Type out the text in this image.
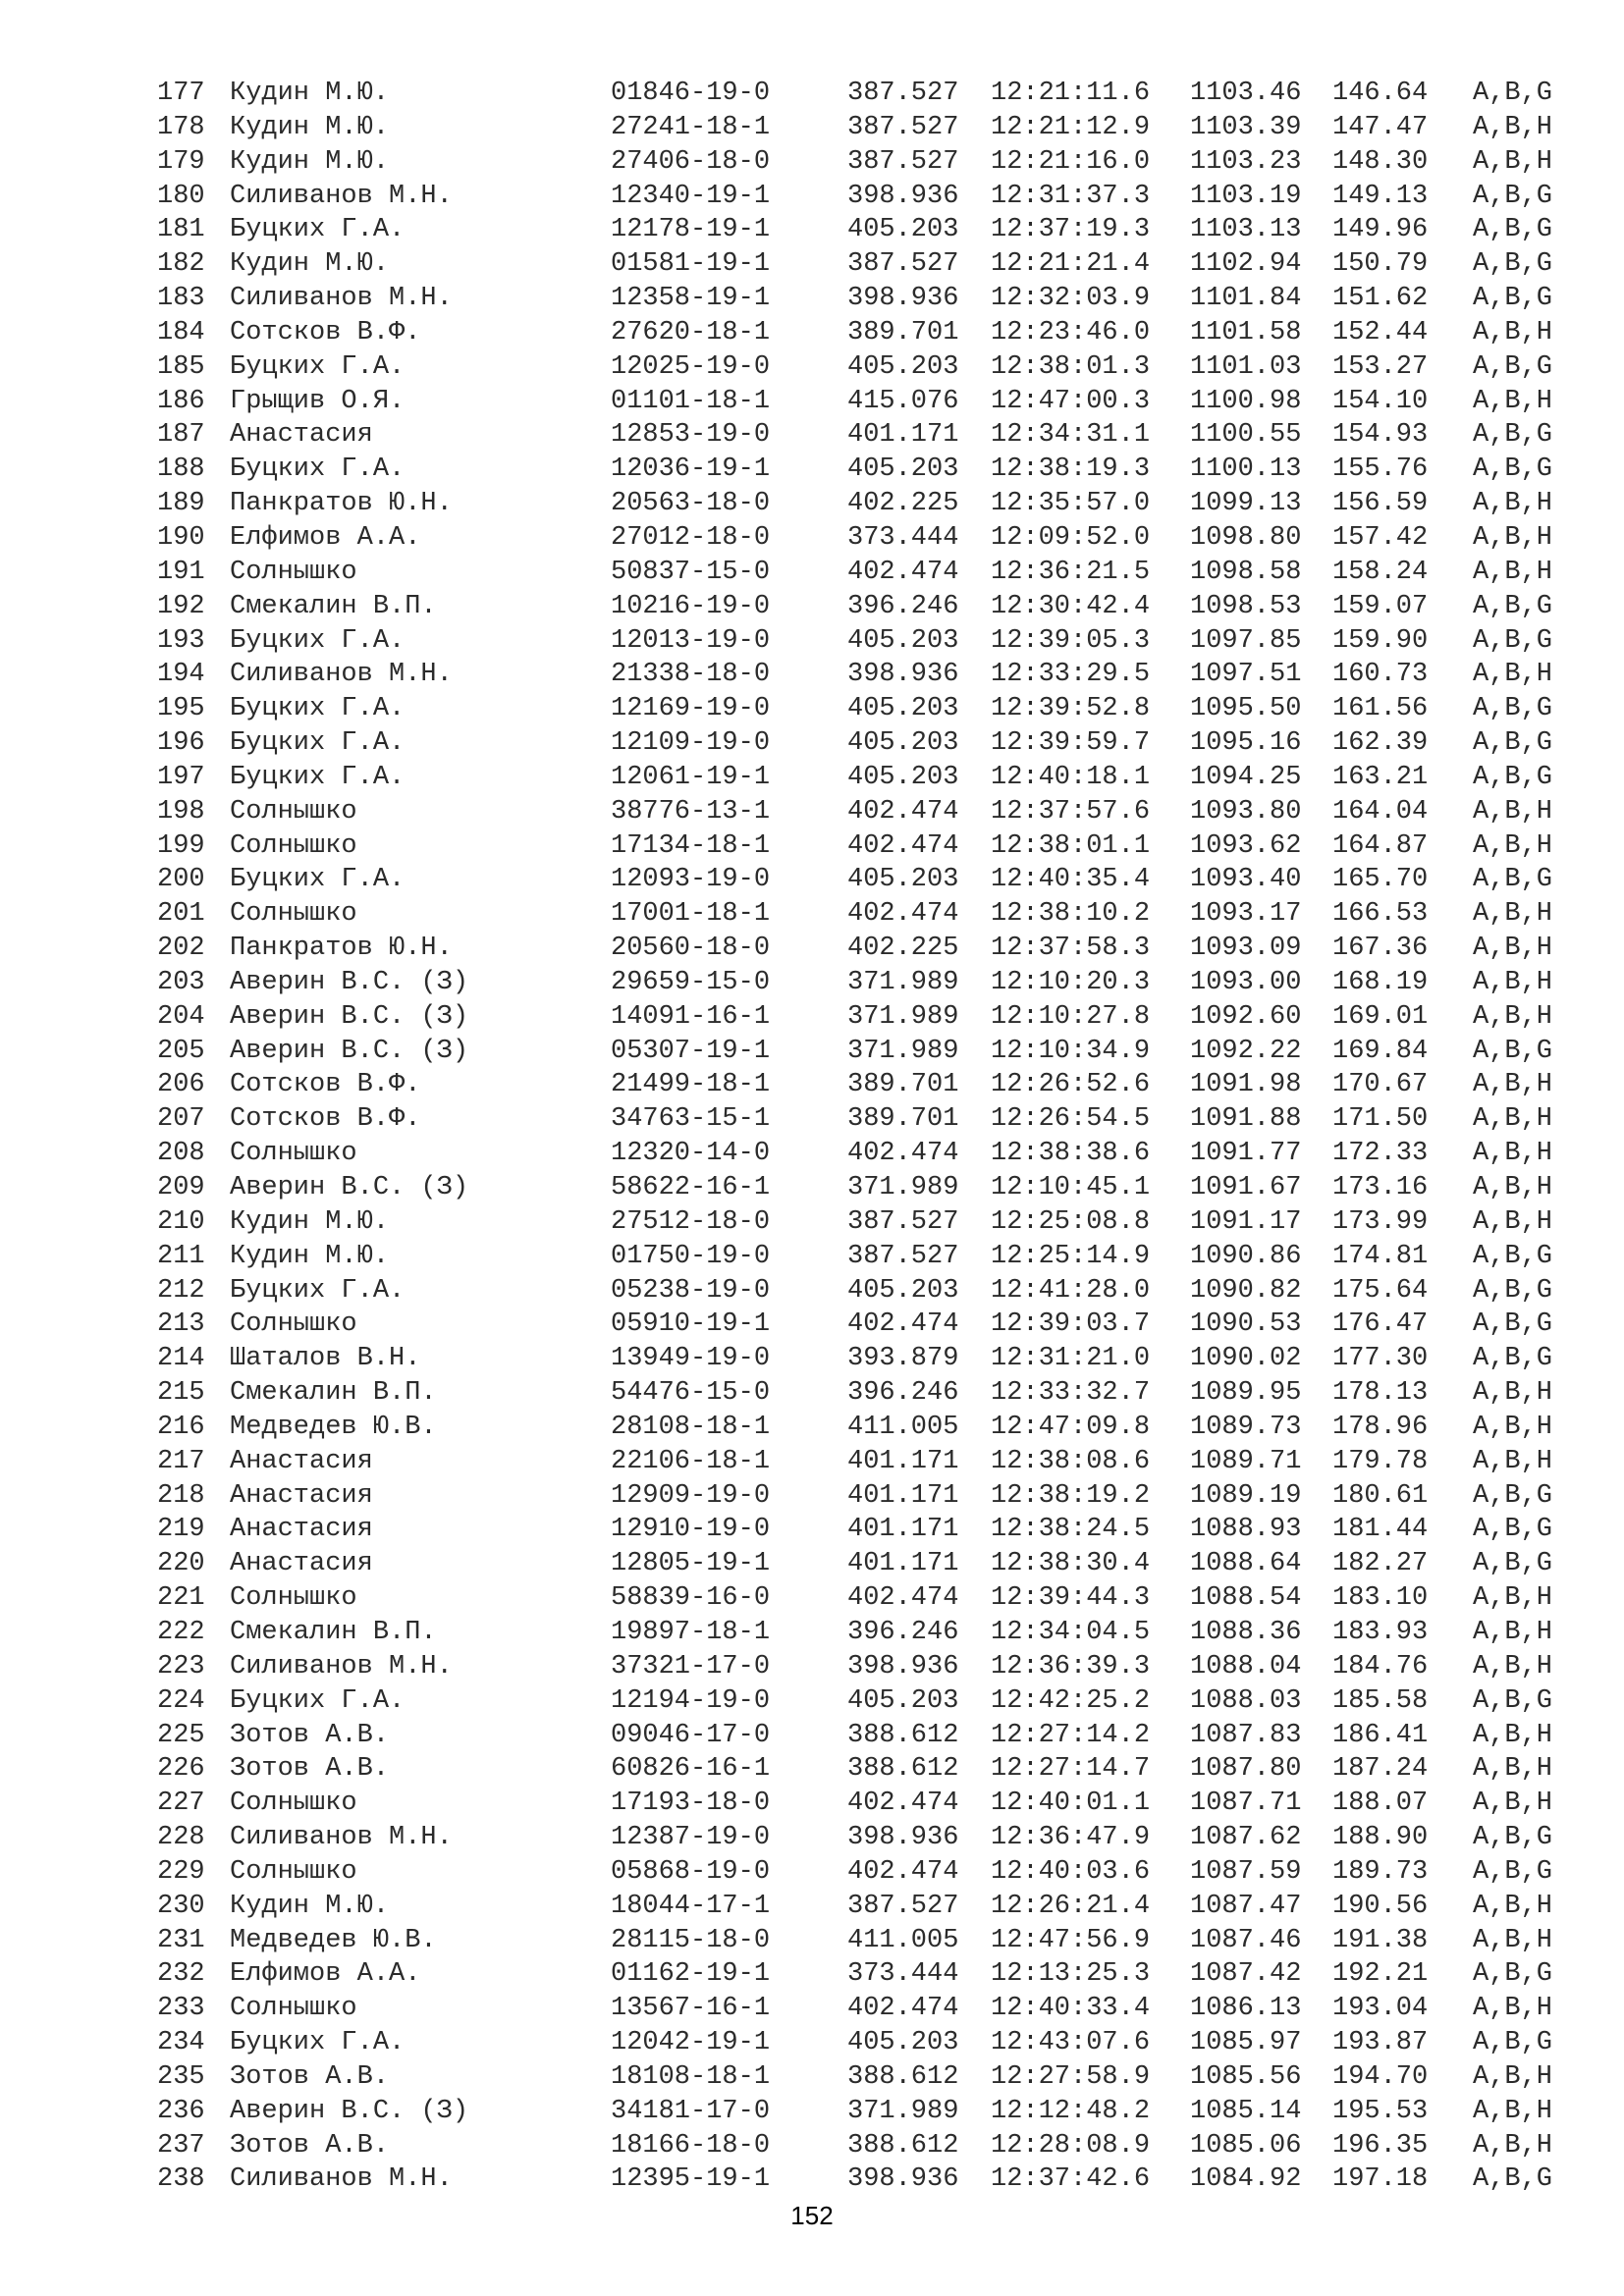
177 Кудин М.Ю.	01846-19-0	387.527 12:21:11.6 1103.46 146.64 A,B,G
178 Кудин М.Ю.	27241-18-1	387.527 12:21:12.9 1103.39 147.47 A,B,H
179 Кудин М.Ю.	27406-18-0	387.527 12:21:16.0 1103.23 148.30 A,B,H
180 Силиванов М.Н.	12340-19-1	398.936 12:31:37.3 1103.19 149.13 A,B,G
181 Буцких Г.А.	12178-19-1	405.203 12:37:19.3 1103.13 149.96 A,B,G
182 Кудин М.Ю.	01581-19-1	387.527 12:21:21.4 1102.94 150.79 A,B,G
183 Силиванов М.Н.	12358-19-1	398.936 12:32:03.9 1101.84 151.62 A,B,G
184 Сотсков В.Ф.	27620-18-1	389.701 12:23:46.0 1101.58 152.44 A,B,H
185 Буцких Г.А.	12025-19-0	405.203 12:38:01.3 1101.03 153.27 A,B,G
186 Грыщив О.Я.	01101-18-1	415.076 12:47:00.3 1100.98 154.10 A,B,H
187 Анастасия	12853-19-0	401.171 12:34:31.1 1100.55 154.93 A,B,G
188 Буцких Г.А.	12036-19-1	405.203 12:38:19.3 1100.13 155.76 A,B,G
189 Панкратов Ю.Н.	20563-18-0	402.225 12:35:57.0 1099.13 156.59 A,B,H
190 Елфимов А.А.	27012-18-0	373.444 12:09:52.0 1098.80 157.42 A,B,H
191 Солнышко	50837-15-0	402.474 12:36:21.5 1098.58 158.24 A,B,H
192 Смекалин В.П.	10216-19-0	396.246 12:30:42.4 1098.53 159.07 A,B,G
193 Буцких Г.А.	12013-19-0	405.203 12:39:05.3 1097.85 159.90 A,B,G
194 Силиванов М.Н.	21338-18-0	398.936 12:33:29.5 1097.51 160.73 A,B,H
195 Буцких Г.А.	12169-19-0	405.203 12:39:52.8 1095.50 161.56 A,B,G
196 Буцких Г.А.	12109-19-0	405.203 12:39:59.7 1095.16 162.39 A,B,G
197 Буцких Г.А.	12061-19-1	405.203 12:40:18.1 1094.25 163.21 A,B,G
198 Солнышко	38776-13-1	402.474 12:37:57.6 1093.80 164.04 A,B,H
199 Солнышко	17134-18-1	402.474 12:38:01.1 1093.62 164.87 A,B,H
200 Буцких Г.А.	12093-19-0	405.203 12:40:35.4 1093.40 165.70 A,B,G
201 Солнышко	17001-18-1	402.474 12:38:10.2 1093.17 166.53 A,B,H
202 Панкратов Ю.Н.	20560-18-0	402.225 12:37:58.3 1093.09 167.36 A,B,H
203 Аверин В.С. (З)	29659-15-0	371.989 12:10:20.3 1093.00 168.19 A,B,H
204 Аверин В.С. (З)	14091-16-1	371.989 12:10:27.8 1092.60 169.01 A,B,H
205 Аверин В.С. (З)	05307-19-1	371.989 12:10:34.9 1092.22 169.84 A,B,G
206 Сотсков В.Ф.	21499-18-1	389.701 12:26:52.6 1091.98 170.67 A,B,H
207 Сотсков В.Ф.	34763-15-1	389.701 12:26:54.5 1091.88 171.50 A,B,H
208 Солнышко	12320-14-0	402.474 12:38:38.6 1091.77 172.33 A,B,H
209 Аверин В.С. (З)	58622-16-1	371.989 12:10:45.1 1091.67 173.16 A,B,H
210 Кудин М.Ю.	27512-18-0	387.527 12:25:08.8 1091.17 173.99 A,B,H
211 Кудин М.Ю.	01750-19-0	387.527 12:25:14.9 1090.86 174.81 A,B,G
212 Буцких Г.А.	05238-19-0	405.203 12:41:28.0 1090.82 175.64 A,B,G
213 Солнышко	05910-19-1	402.474 12:39:03.7 1090.53 176.47 A,B,G
214 Шаталов В.Н.	13949-19-0	393.879 12:31:21.0 1090.02 177.30 A,B,G
215 Смекалин В.П.	54476-15-0	396.246 12:33:32.7 1089.95 178.13 A,B,H
216 Медведев Ю.В.	28108-18-1	411.005 12:47:09.8 1089.73 178.96 A,B,H
217 Анастасия	22106-18-1	401.171 12:38:08.6 1089.71 179.78 A,B,H
218 Анастасия	12909-19-0	401.171 12:38:19.2 1089.19 180.61 A,B,G
219 Анастасия	12910-19-0	401.171 12:38:24.5 1088.93 181.44 A,B,G
220 Анастасия	12805-19-1	401.171 12:38:30.4 1088.64 182.27 A,B,G
221 Солнышко	58839-16-0	402.474 12:39:44.3 1088.54 183.10 A,B,H
222 Смекалин В.П.	19897-18-1	396.246 12:34:04.5 1088.36 183.93 A,B,H
223 Силиванов М.Н.	37321-17-0	398.936 12:36:39.3 1088.04 184.76 A,B,H
224 Буцких Г.А.	12194-19-0	405.203 12:42:25.2 1088.03 185.58 A,B,G
225 Зотов А.В.	09046-17-0	388.612 12:27:14.2 1087.83 186.41 A,B,H
226 Зотов А.В.	60826-16-1	388.612 12:27:14.7 1087.80 187.24 A,B,H
227 Солнышко	17193-18-0	402.474 12:40:01.1 1087.71 188.07 A,B,H
228 Силиванов М.Н.	12387-19-0	398.936 12:36:47.9 1087.62 188.90 A,B,G
229 Солнышко	05868-19-0	402.474 12:40:03.6 1087.59 189.73 A,B,G
230 Кудин М.Ю.	18044-17-1	387.527 12:26:21.4 1087.47 190.56 A,B,H
231 Медведев Ю.В.	28115-18-0	411.005 12:47:56.9 1087.46 191.38 A,B,H
232 Елфимов А.А.	01162-19-1	373.444 12:13:25.3 1087.42 192.21 A,B,G
233 Солнышко	13567-16-1	402.474 12:40:33.4 1086.13 193.04 A,B,H
234 Буцких Г.А.	12042-19-1	405.203 12:43:07.6 1085.97 193.87 A,B,G
235 Зотов А.В.	18108-18-1	388.612 12:27:58.9 1085.56 194.70 A,B,H
236 Аверин В.С. (З)	34181-17-0	371.989 12:12:48.2 1085.14 195.53 A,B,H
237 Зотов А.В.	18166-18-0	388.612 12:28:08.9 1085.06 196.35 A,B,H
238 Силиванов М.Н.	12395-19-1	398.936 12:37:42.6 1084.92 197.18 A,B,G
152
